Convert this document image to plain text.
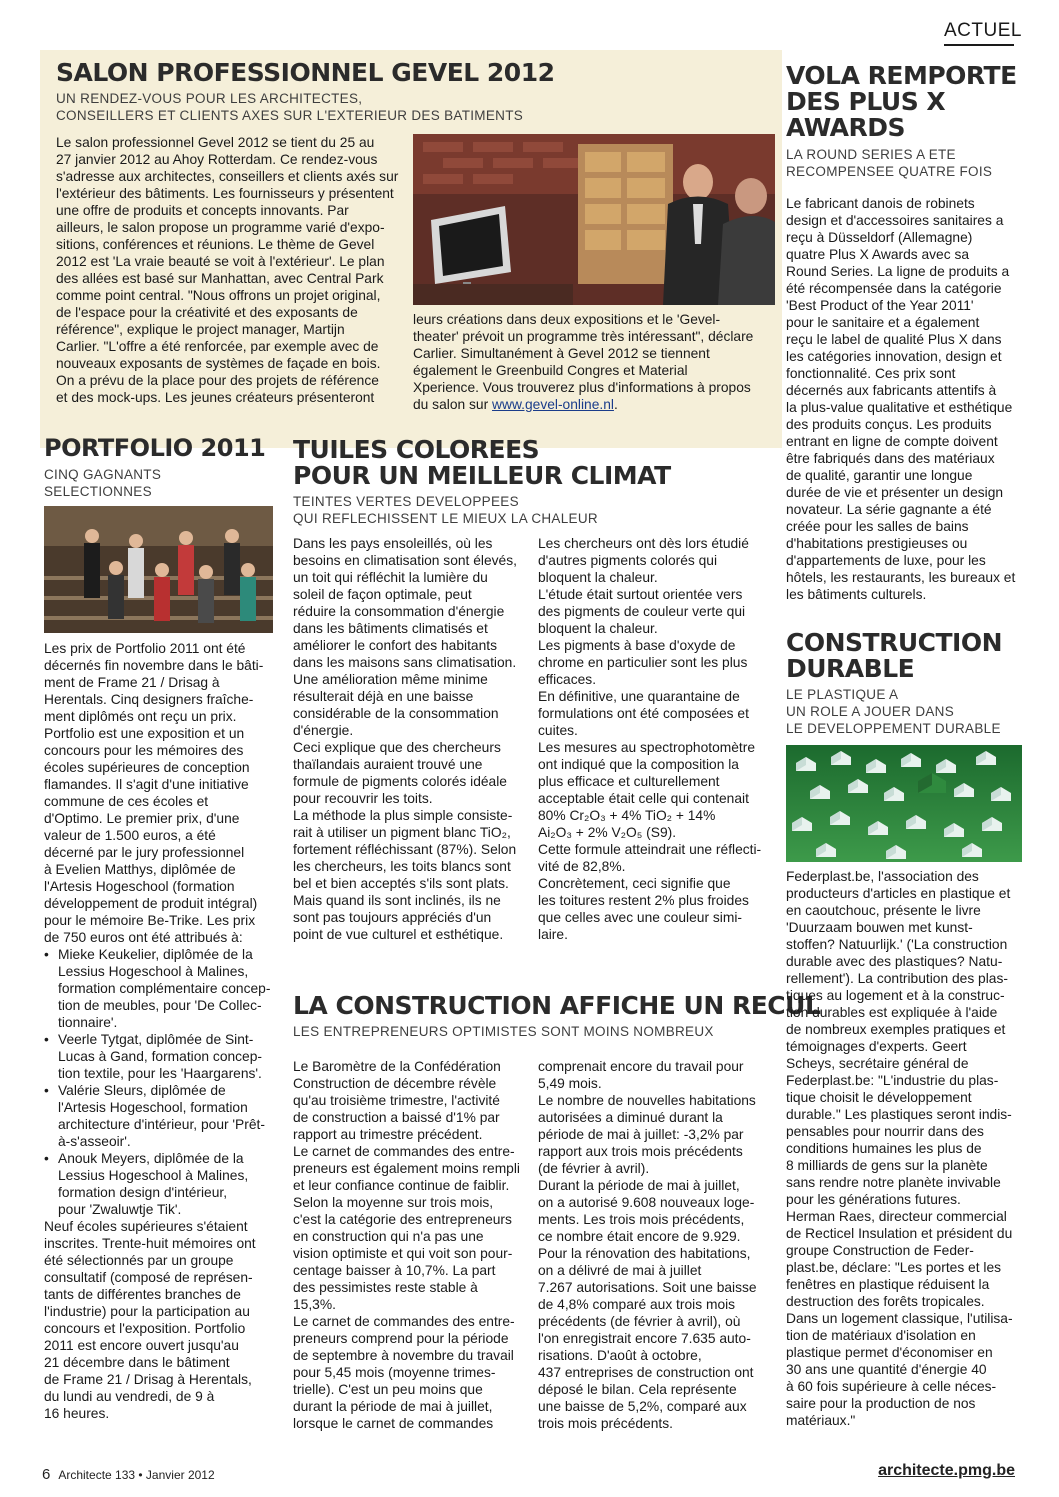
ACTUEL
SALON PROFESSIONNEL GEVEL 2012
UN RENDEZ-VOUS POUR LES ARCHITECTES,
CONSEILLERS ET CLIENTS AXES SUR L'EXTERIEUR DES BATIMENTS
Le salon professionnel Gevel 2012 se tient du 25 au
27 janvier 2012 au Ahoy Rotterdam. Ce rendez-vous
s'adresse aux architectes, conseillers et clients axés sur
l'extérieur des bâtiments. Les fournisseurs y présentent
une offre de produits et concepts innovants. Par
ailleurs, le salon propose un programme varié d'expo-
sitions, conférences et réunions. Le thème de Gevel
2012 est 'La vraie beauté se voit à l'extérieur'. Le plan
des allées est basé sur Manhattan, avec Central Park
comme point central. "Nous offrons un projet original,
de l'espace pour la créativité et des exposants de
référence", explique le project manager, Martijn
Carlier. "L'offre a été renforcée, par exemple avec de
nouveaux exposants de systèmes de façade en bois.
On a prévu de la place pour des projets de référence
et des mock-ups. Les jeunes créateurs présenteront
leurs créations dans deux expositions et le 'Gevel-
theater' prévoit un programme très intéressant", déclare
Carlier. Simultanément à Gevel 2012 se tiennent
également le Greenbuild Congres et Material
Xperience. Vous trouverez plus d'informations à propos
du salon sur www.gevel-online.nl.
VOLA REMPORTE
DES PLUS X
AWARDS
LA ROUND SERIES A ETE
RECOMPENSEE QUATRE FOIS
Le fabricant danois de robinets
design et d'accessoires sanitaires a
reçu à Düsseldorf (Allemagne)
quatre Plus X Awards avec sa
Round Series. La ligne de produits a
été récompensée dans la catégorie
'Best Product of the Year 2011'
pour le sanitaire et a également
reçu le label de qualité Plus X dans
les catégories innovation, design et
fonctionnalité. Ces prix sont
décernés aux fabricants attentifs à
la plus-value qualitative et esthétique
des produits conçus. Les produits
entrant en ligne de compte doivent
être fabriqués dans des matériaux
de qualité, garantir une longue
durée de vie et présenter un design
novateur. La série gagnante a été
créée pour les salles de bains
d'habitations prestigieuses ou
d'appartements de luxe, pour les
hôtels, les restaurants, les bureaux et
les bâtiments culturels.
PORTFOLIO 2011
CINQ GAGNANTS
SELECTIONNES
Les prix de Portfolio 2011 ont été
décernés fin novembre dans le bâti-
ment de Frame 21 / Drisag à
Herentals. Cinq designers fraîche-
ment diplômés ont reçu un prix.
Portfolio est une exposition et un
concours pour les mémoires des
écoles supérieures de conception
flamandes. Il s'agit d'une initiative
commune de ces écoles et
d'Optimo. Le premier prix, d'une
valeur de 1.500 euros, a été
décerné par le jury professionnel
à Evelien Matthys, diplômée de
l'Artesis Hogeschool (formation
développement de produit intégral)
pour le mémoire Be-Trike. Les prix
de 750 euros ont été attribués à:
• Mieke Keukelier, diplômée de la
Lessius Hogeschool à Malines,
formation complémentaire concep-
tion de meubles, pour 'De Collec-
tionnaire'.
• Veerle Tytgat, diplômée de Sint-
Lucas à Gand, formation concep-
tion textile, pour les 'Haargarens'.
• Valérie Sleurs, diplômée de
l'Artesis Hogeschool, formation
architecture d'intérieur, pour 'Prêt-
à-s'asseoir'.
• Anouk Meyers, diplômée de la
Lessius Hogeschool à Malines,
formation design d'intérieur,
pour 'Zwaluwtje Tik'.
Neuf écoles supérieures s'étaient
inscrites. Trente-huit mémoires ont
été sélectionnés par un groupe
consultatif (composé de représen-
tants de différentes branches de
l'industrie) pour la participation au
concours et l'exposition. Portfolio
2011 est encore ouvert jusqu'au
21 décembre dans le bâtiment
de Frame 21 / Drisag à Herentals,
du lundi au vendredi, de 9 à
16 heures.
TUILES COLOREES
POUR UN MEILLEUR CLIMAT
TEINTES VERTES DEVELOPPEES
QUI REFLECHISSENT LE MIEUX LA CHALEUR
Dans les pays ensoleillés, où les
besoins en climatisation sont élevés,
un toit qui réfléchit la lumière du
soleil de façon optimale, peut
réduire la consommation d'énergie
dans les bâtiments climatisés et
améliorer le confort des habitants
dans les maisons sans climatisation.
Une amélioration même minime
résulterait déjà en une baisse
considérable de la consommation
d'énergie.
Ceci explique que des chercheurs
thaïlandais auraient trouvé une
formule de pigments colorés idéale
pour recouvrir les toits.
La méthode la plus simple consiste-
rait à utiliser un pigment blanc TiO₂,
fortement réfléchissant (87%). Selon
les chercheurs, les toits blancs sont
bel et bien acceptés s'ils sont plats.
Mais quand ils sont inclinés, ils ne
sont pas toujours appréciés d'un
point de vue culturel et esthétique.
Les chercheurs ont dès lors étudié
d'autres pigments colorés qui
bloquent la chaleur.
L'étude était surtout orientée vers
des pigments de couleur verte qui
bloquent la chaleur.
Les pigments à base d'oxyde de
chrome en particulier sont les plus
efficaces.
En définitive, une quarantaine de
formulations ont été composées et
cuites.
Les mesures au spectrophotomètre
ont indiqué que la composition la
plus efficace et culturellement
acceptable était celle qui contenait
80% Cr₂O₃ + 4% TiO₂ + 14%
Ai₂O₃ + 2% V₂O₅ (S9).
Cette formule atteindrait une réflecti-
vité de 82,8%.
Concrètement, ceci signifie que
les toitures restent 2% plus froides
que celles avec une couleur simi-
laire.
LA CONSTRUCTION AFFICHE UN RECUL
LES ENTREPRENEURS OPTIMISTES SONT MOINS NOMBREUX
Le Baromètre de la Confédération
Construction de décembre révèle
qu'au troisième trimestre, l'activité
de construction a baissé d'1% par
rapport au trimestre précédent.
Le carnet de commandes des entre-
preneurs est également moins rempli
et leur confiance continue de faiblir.
Selon la moyenne sur trois mois,
c'est la catégorie des entrepreneurs
en construction qui n'a pas une
vision optimiste et qui voit son pour-
centage baisser à 10,7%. La part
des pessimistes reste stable à
15,3%.
Le carnet de commandes des entre-
preneurs comprend pour la période
de septembre à novembre du travail
pour 5,45 mois (moyenne trimes-
trielle). C'est un peu moins que
durant la période de mai à juillet,
lorsque le carnet de commandes
comprenait encore du travail pour
5,49 mois.
Le nombre de nouvelles habitations
autorisées a diminué durant la
période de mai à juillet: -3,2% par
rapport aux trois mois précédents
(de février à avril).
Durant la période de mai à juillet,
on a autorisé 9.608 nouveaux loge-
ments. Les trois mois précédents,
ce nombre était encore de 9.929.
Pour la rénovation des habitations,
on a délivré de mai à juillet
7.267 autorisations. Soit une baisse
de 4,8% comparé aux trois mois
précédents (de février à avril), où
l'on enregistrait encore 7.635 auto-
risations. D'août à octobre,
437 entreprises de construction ont
déposé le bilan. Cela représente
une baisse de 5,2%, comparé aux
trois mois précédents.
CONSTRUCTION
DURABLE
LE PLASTIQUE A
UN ROLE A JOUER DANS
LE DEVELOPPEMENT DURABLE
Federplast.be, l'association des
producteurs d'articles en plastique et
en caoutchouc, présente le livre
'Duurzaam bouwen met kunst-
stoffen? Natuurlijk.' ('La construction
durable avec des plastiques? Natu-
rellement'). La contribution des plas-
tiques au logement et à la construc-
tion durables est expliquée à l'aide
de nombreux exemples pratiques et
témoignages d'experts. Geert
Scheys, secrétaire général de
Federplast.be: "L'industrie du plas-
tique choisit le développement
durable." Les plastiques seront indis-
pensables pour nourrir dans des
conditions humaines les plus de
8 milliards de gens sur la planète
sans rendre notre planète invivable
pour les générations futures.
Herman Raes, directeur commercial
de Recticel Insulation et président du
groupe Construction de Feder-
plast.be, déclare: "Les portes et les
fenêtres en plastique réduisent la
destruction des forêts tropicales.
Dans un logement classique, l'utilisa-
tion de matériaux d'isolation en
plastique permet d'économiser en
30 ans une quantité d'énergie 40
à 60 fois supérieure à celle néces-
saire pour la production de nos
matériaux."
6 Architecte 133 • Janvier 2012	architecte.pmg.be
